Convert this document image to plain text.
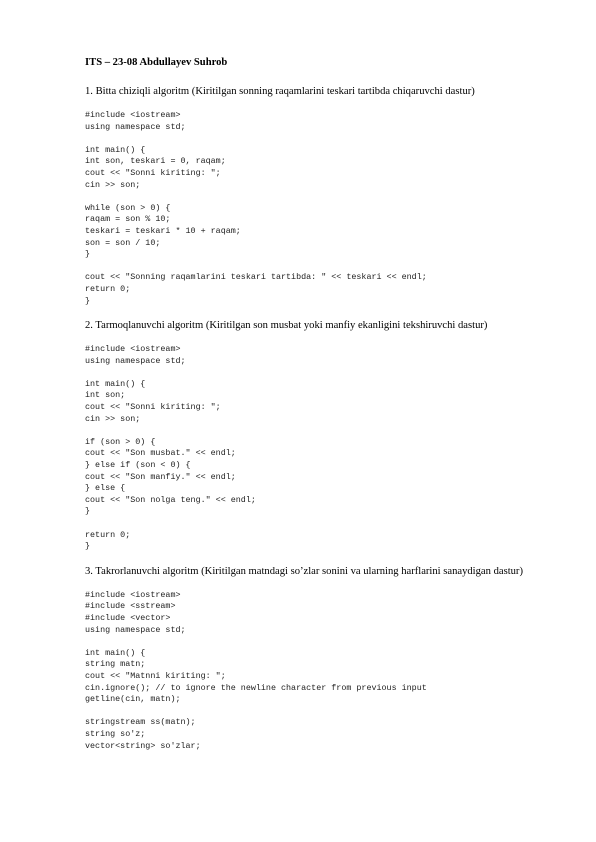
ITS – 23-08 Abdullayev Suhrob
1. Bitta chiziqli algoritm (Kiritilgan sonning raqamlarini teskari tartibda chiqaruvchi dastur)
#include <iostream>
using namespace std;
int main() {
int son, teskari = 0, raqam;
cout << "Sonni kiriting: ";
cin >> son;
while (son > 0) {
raqam = son % 10;
teskari = teskari * 10 + raqam;
son = son / 10;
}
cout << "Sonning raqamlarini teskari tartibda: " << teskari << endl;
return 0;
}
2. Tarmoqlanuvchi algoritm (Kiritilgan son musbat yoki manfiy ekanligini tekshiruvchi dastur)
#include <iostream>
using namespace std;
int main() {
int son;
cout << "Sonni kiriting: ";
cin >> son;
if (son > 0) {
cout << "Son musbat." << endl;
} else if (son < 0) {
cout << "Son manfiy." << endl;
} else {
cout << "Son nolga teng." << endl;
}
return 0;
}
3. Takrorlanuvchi algoritm (Kiritilgan matndagi so’zlar sonini va ularning harflarini sanaydigan dastur)
#include <iostream>
#include <sstream>
#include <vector>
using namespace std;
int main() {
string matn;
cout << "Matnni kiriting: ";
cin.ignore(); // to ignore the newline character from previous input
getline(cin, matn);
stringstream ss(matn);
string so'z;
vector<string> so'zlar;
